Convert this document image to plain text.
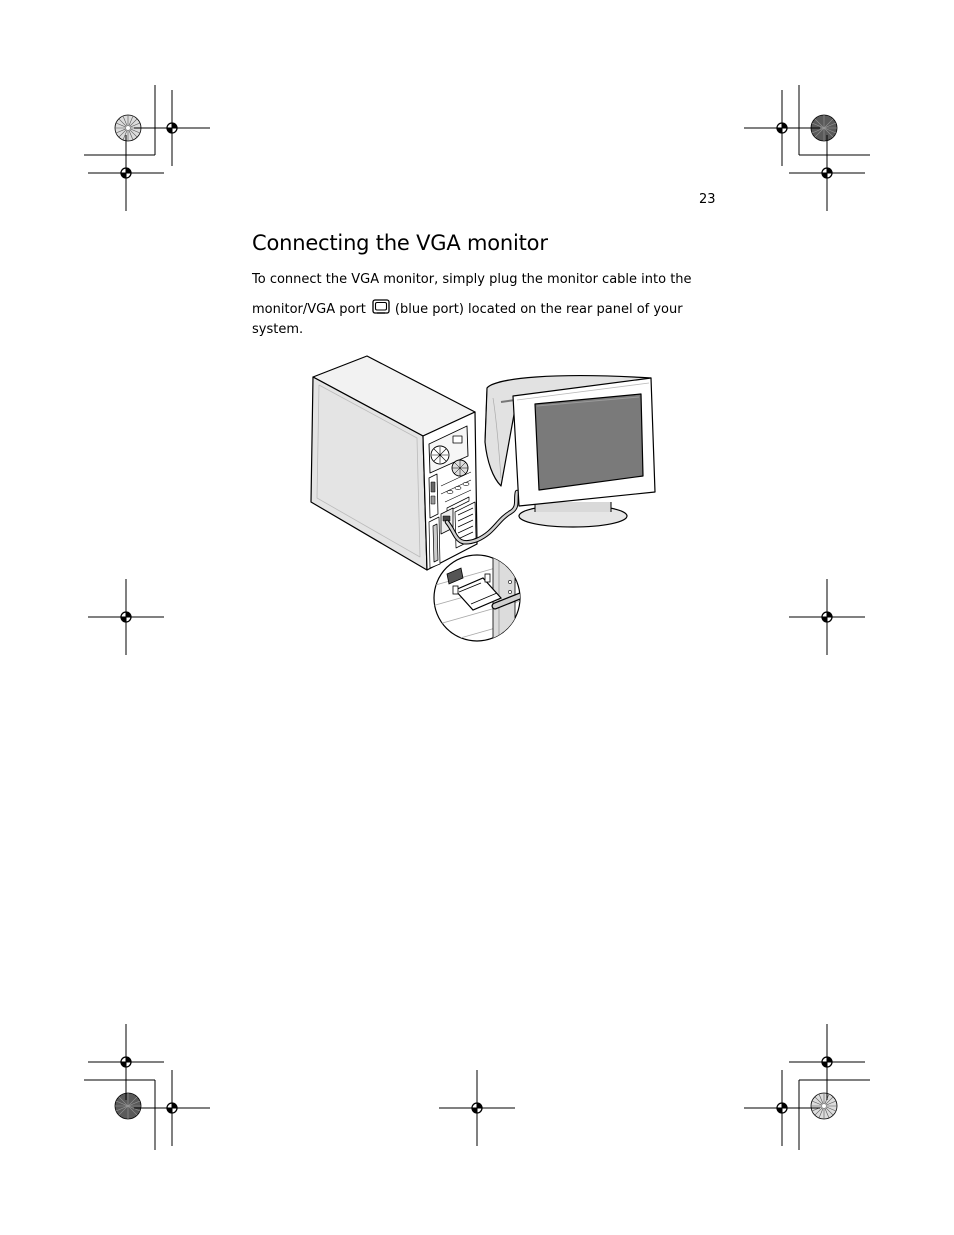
23
Connecting the VGA monitor
To connect the VGA monitor, simply plug the monitor cable into the
monitor/VGA port (blue port) located on the rear panel of your
system.
